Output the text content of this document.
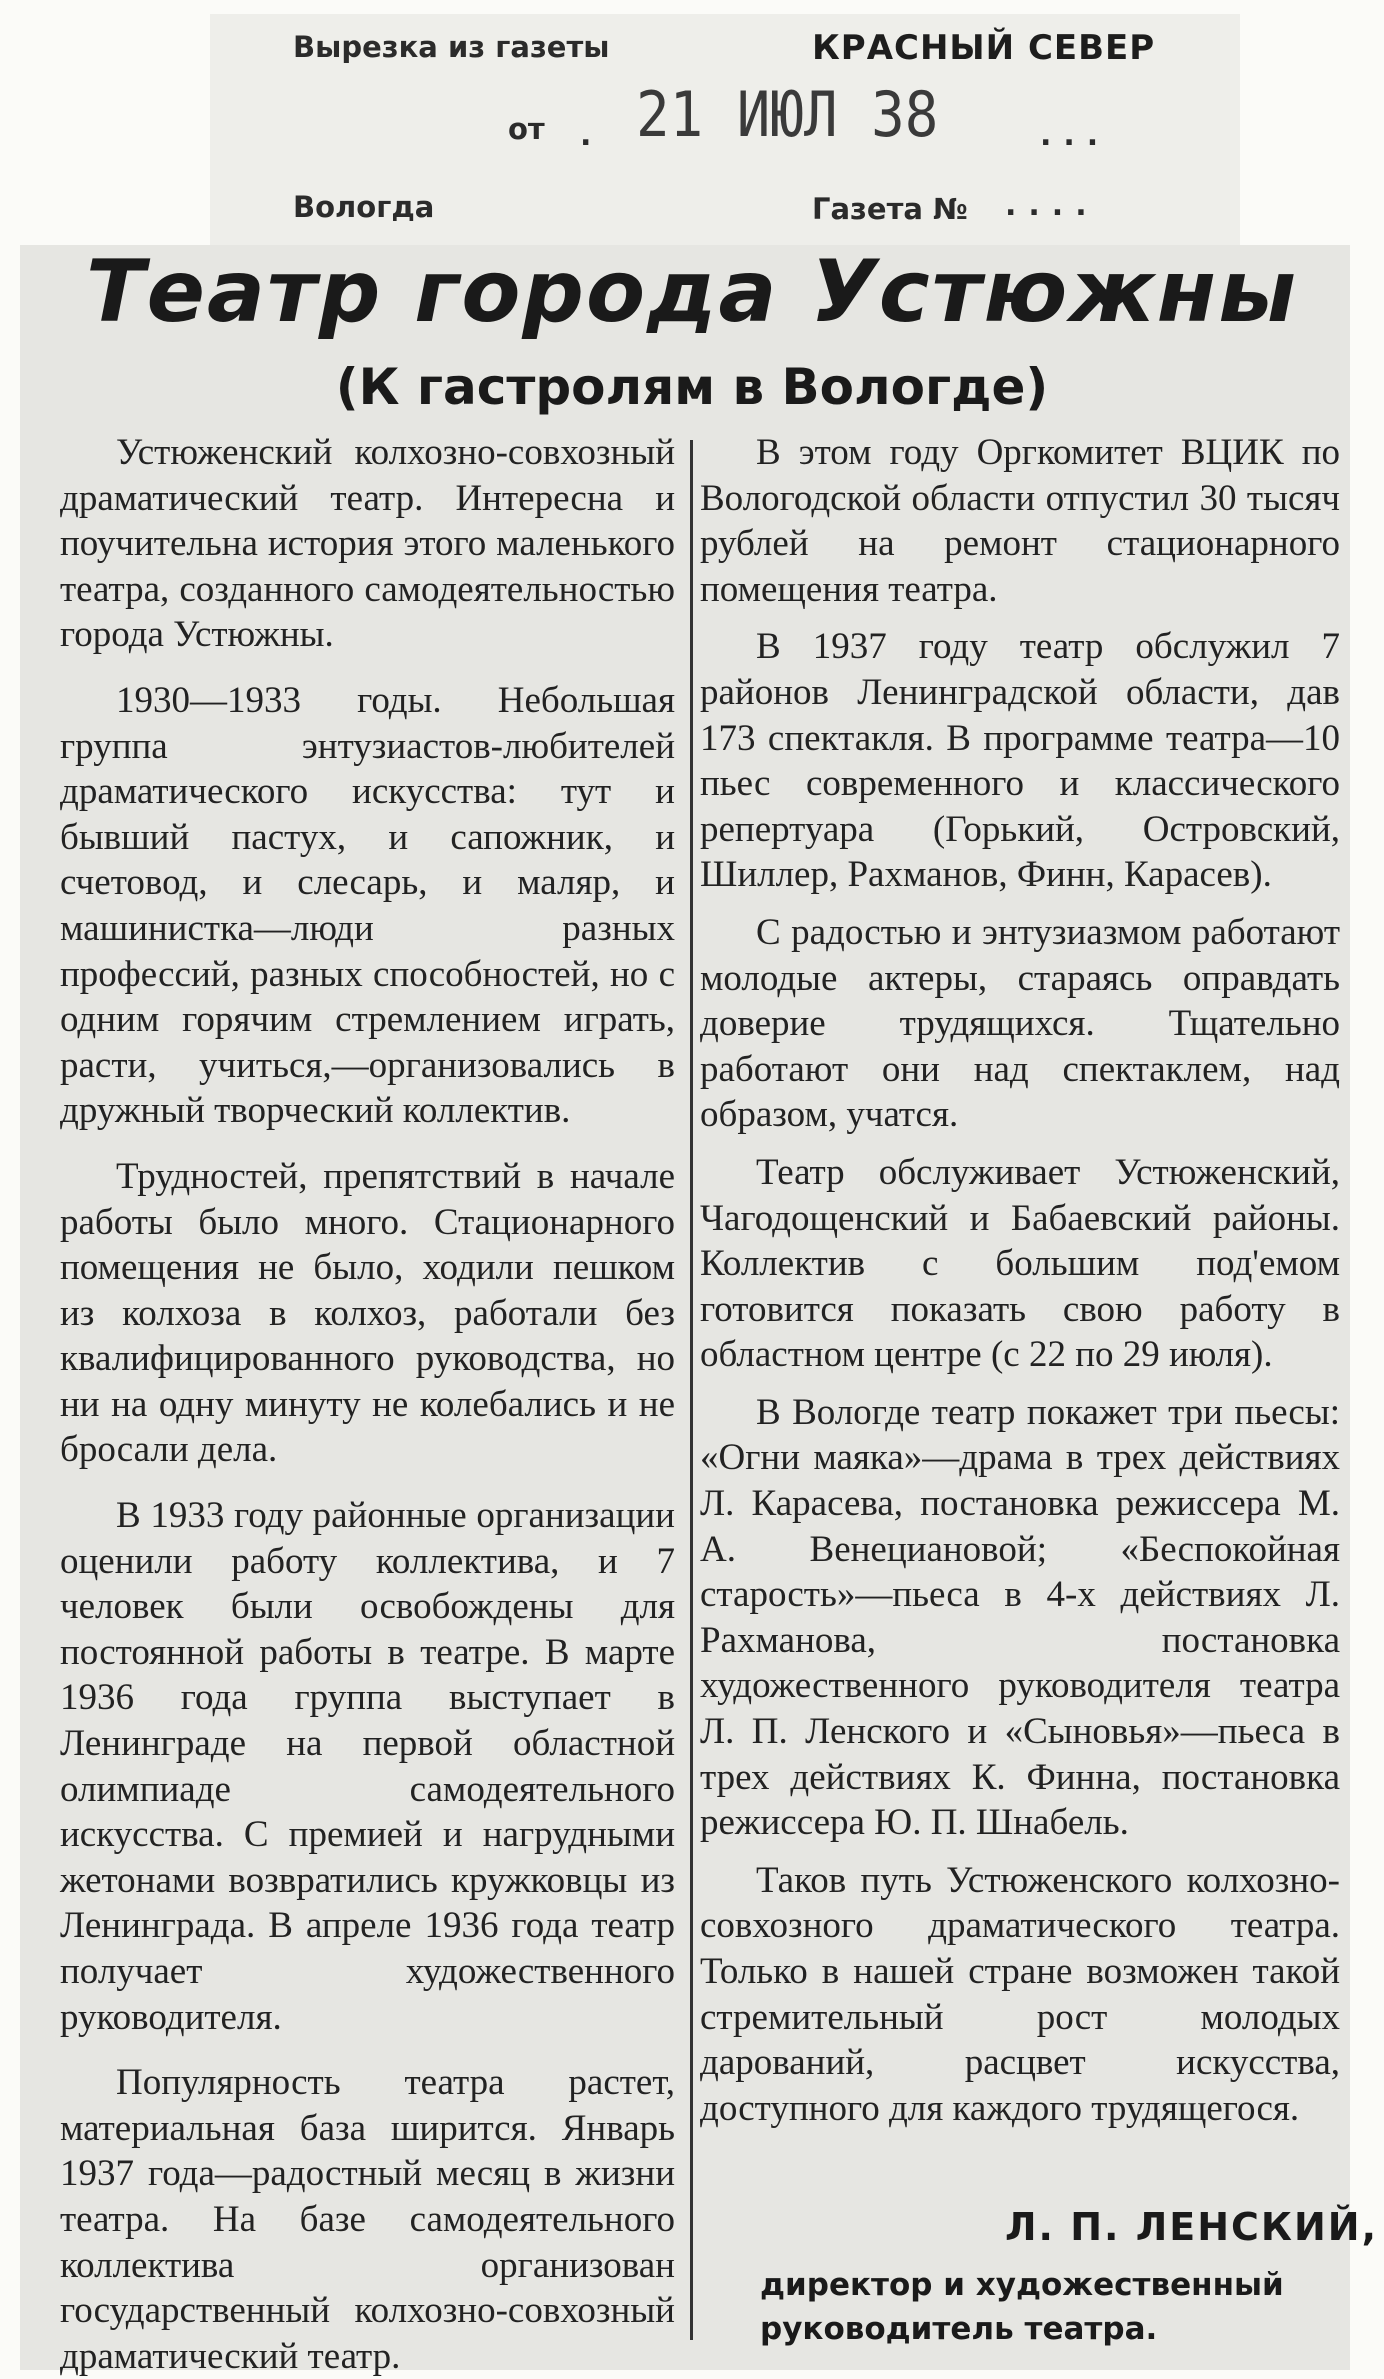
Вырезка из газеты	КРАСНЫЙ СЕВЕР
от . 21 ИЮЛ 38	...
Вологда	Газета № ....
Театр города Устюжны
(К гастролям в Вологде)

Устюженский колхозно-совхозный драматический театр. Интересна и поучительна история этого маленького театра, созданного самодеятельностью города Устюжны.

1930—1933 годы. Небольшая группа энтузиастов-любителей драматического искусства: тут и бывший пастух, и сапожник, и счетовод, и слесарь, и маляр, и машинистка—люди разных профессий, разных способностей, но с одним горячим стремлением играть, расти, учиться,—организовались в дружный творческий коллектив.

Трудностей, препятствий в начале работы было много. Стационарного помещения не было, ходили пешком из колхоза в колхоз, работали без квалифицированного руководства, но ни на одну минуту не колебались и не бросали дела.

В 1933 году районные организации оценили работу коллектива, и 7 человек были освобождены для постоянной работы в театре. В марте 1936 года группа выступает в Ленинграде на первой областной олимпиаде самодеятельного искусства. С премией и нагрудными жетонами возвратились кружковцы из Ленинграда. В апреле 1936 года театр получает художественного руководителя.

Популярность театра растет, материальная база ширится. Январь 1937 года—радостный месяц в жизни театра. На базе самодеятельного коллектива организован государственный колхозно-совхозный драматический театр.

В этом году Оргкомитет ВЦИК по Вологодской области отпустил 30 тысяч рублей на ремонт стационарного помещения театра.

В 1937 году театр обслужил 7 районов Ленинградской области, дав 173 спектакля. В программе театра—10 пьес современного и классического репертуара (Горький, Островский, Шиллер, Рахманов, Финн, Карасев).

С радостью и энтузиазмом работают молодые актеры, стараясь оправдать доверие трудящихся. Тщательно работают они над спектаклем, над образом, учатся.

Театр обслуживает Устюженский, Чагодощенский и Бабаевский районы. Коллектив с большим под'емом готовится показать свою работу в областном центре (с 22 по 29 июля).

В Вологде театр покажет три пьесы: «Огни маяка»—драма в трех действиях Л. Карасева, постановка режиссера М. А. Венециановой; «Беспокойная старость»—пьеса в 4-х действиях Л. Рахманова, постановка художественного руководителя театра Л. П. Ленского и «Сыновья»—пьеса в трех действиях К. Финна, постановка режиссера Ю. П. Шнабель.

Таков путь Устюженского колхозно-совхозного драматического театра. Только в нашей стране возможен такой стремительный рост молодых дарований, расцвет искусства, доступного для каждого трудящегося.

Л. П. ЛЕНСКИЙ,
директор и художественный руководитель театра.
